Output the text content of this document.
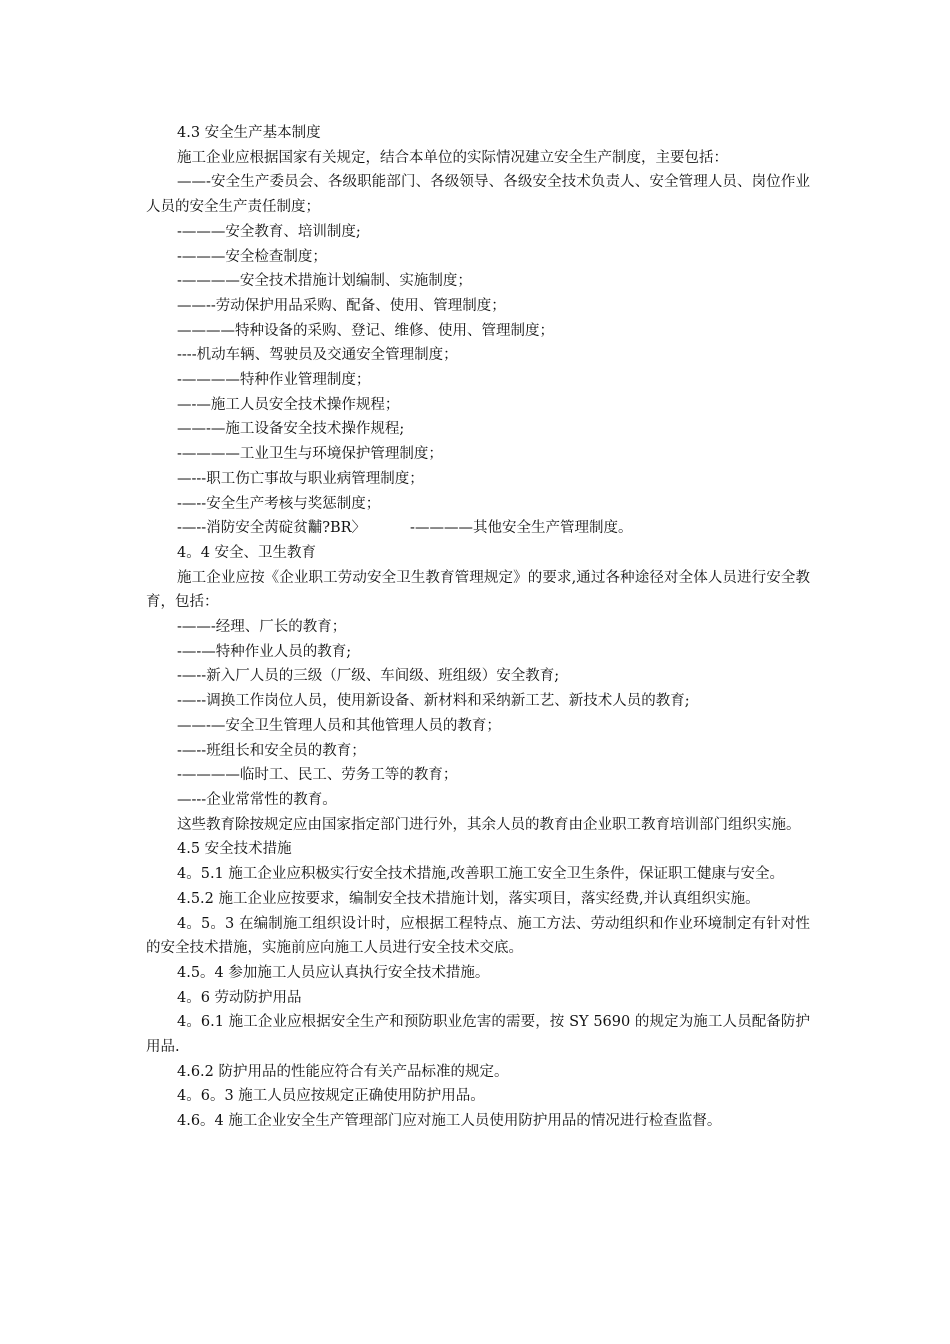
4.3 安全生产基本制度

施工企业应根据国家有关规定，结合本单位的实际情况建立安全生产制度，主要包括：

——-安全生产委员会、各级职能部门、各级领导、各级安全技术负责人、安全管理人员、岗位作业人员的安全生产责任制度；

-———安全教育、培训制度;

-———安全检查制度；

-————安全技术措施计划编制、实施制度；

——--劳动保护用品采购、配备、使用、管理制度；

————特种设备的采购、登记、维修、使用、管理制度；

----机动车辆、驾驶员及交通安全管理制度；

-————特种作业管理制度；

—-—施工人员安全技术操作规程；

——-—施工设备安全技术操作规程;

-————工业卫生与环境保护管理制度；

—---职工伤亡事故与职业病管理制度；

-—--安全生产考核与奖惩制度；

-—--消防安全苪碇贫黼?BR〉	-————其他安全生产管理制度。

4。4 安全、卫生教育

施工企业应按《企业职工劳动安全卫生教育管理规定》的要求,通过各种途径对全体人员进行安全教育，包括：

-——-经理、厂长的教育；

-—-—特种作业人员的教育;

-—--新入厂人员的三级（厂级、车间级、班组级）安全教育;

-—--调换工作岗位人员，使用新设备、新材料和采纳新工艺、新技术人员的教育;

——-—安全卫生管理人员和其他管理人员的教育；

-—--班组长和安全员的教育；

-————临时工、民工、劳务工等的教育；

—---企业常常性的教育。

这些教育除按规定应由国家指定部门进行外，其余人员的教育由企业职工教育培训部门组织实施。

4.5 安全技术措施

4。5.1 施工企业应积极实行安全技术措施,改善职工施工安全卫生条件，保证职工健康与安全。

4.5.2 施工企业应按要求，编制安全技术措施计划，落实项目，落实经费,并认真组织实施。

4。5。3 在编制施工组织设计时，应根据工程特点、施工方法、劳动组织和作业环境制定有针对性的安全技术措施，实施前应向施工人员进行安全技术交底。

4.5。4 参加施工人员应认真执行安全技术措施。

4。6 劳动防护用品

4。6.1 施工企业应根据安全生产和预防职业危害的需要，按 SY 5690 的规定为施工人员配备防护用品.

4.6.2 防护用品的性能应符合有关产品标准的规定。

4。6。3 施工人员应按规定正确使用防护用品。

4.6。4 施工企业安全生产管理部门应对施工人员使用防护用品的情况进行检查监督。
